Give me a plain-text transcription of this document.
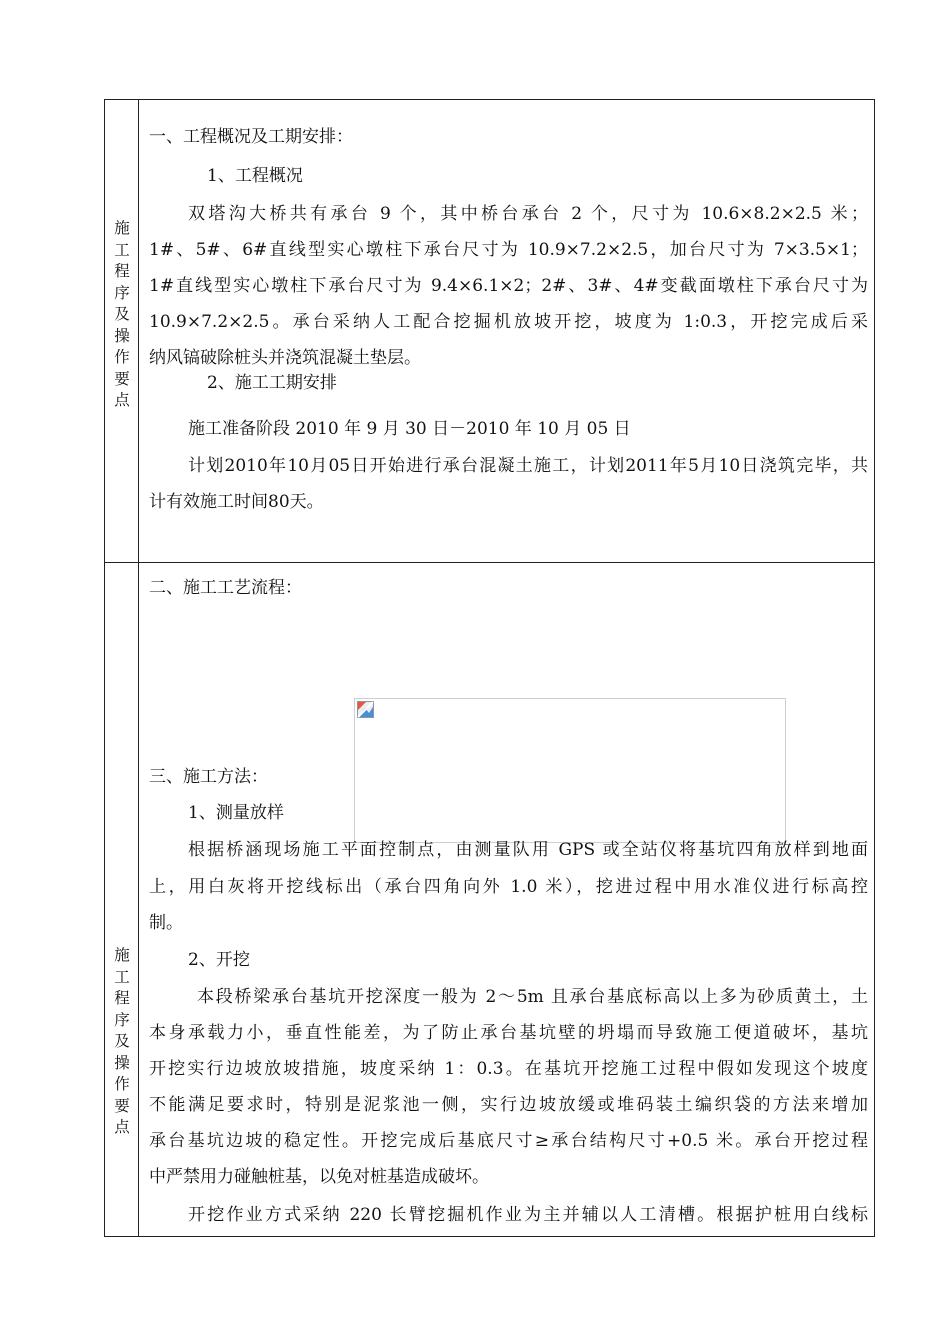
施
工
程
序
及
操
作
要
点
一、工程概况及工期安排：
1、工程概况
双塔沟大桥共有承台 9 个，其中桥台承台 2 个，尺寸为 10.6×8.2×2.5 米；
1#、5#、6#直线型实心墩柱下承台尺寸为 10.9×7.2×2.5，加台尺寸为 7×3.5×1；
1#直线型实心墩柱下承台尺寸为 9.4×6.1×2；2#、3#、4#变截面墩柱下承台尺寸为
10.9×7.2×2.5。承台采纳人工配合挖掘机放坡开挖，坡度为 1:0.3，开挖完成后采
纳风镐破除桩头并浇筑混凝土垫层。
2、施工工期安排
施工准备阶段 2010 年 9 月 30 日－2010 年 10 月 05 日
计划2010年10月05日开始进行承台混凝土施工，计划2011年5月10日浇筑完毕，共
计有效施工时间80天。
施
工
程
序
及
操
作
要
点
二、施工工艺流程：
三、施工方法：
1、测量放样
根据桥涵现场施工平面控制点，由测量队用 GPS 或全站仪将基坑四角放样到地面
上，用白灰将开挖线标出（承台四角向外 1.0 米），挖进过程中用水准仪进行标高控
制。
2、开挖
本段桥梁承台基坑开挖深度一般为 2～5m 且承台基底标高以上多为砂质黄土，土
本身承载力小，垂直性能差，为了防止承台基坑壁的坍塌而导致施工便道破坏，基坑
开挖实行边坡放坡措施，坡度采纳 1：0.3。在基坑开挖施工过程中假如发现这个坡度
不能满足要求时，特别是泥浆池一侧，实行边坡放缓或堆码装土编织袋的方法来增加
承台基坑边坡的稳定性。开挖完成后基底尺寸≥承台结构尺寸+0.5 米。承台开挖过程
中严禁用力碰触桩基，以免对桩基造成破坏。
开挖作业方式采纳 220 长臂挖掘机作业为主并辅以人工清槽。根据护桩用白线标
